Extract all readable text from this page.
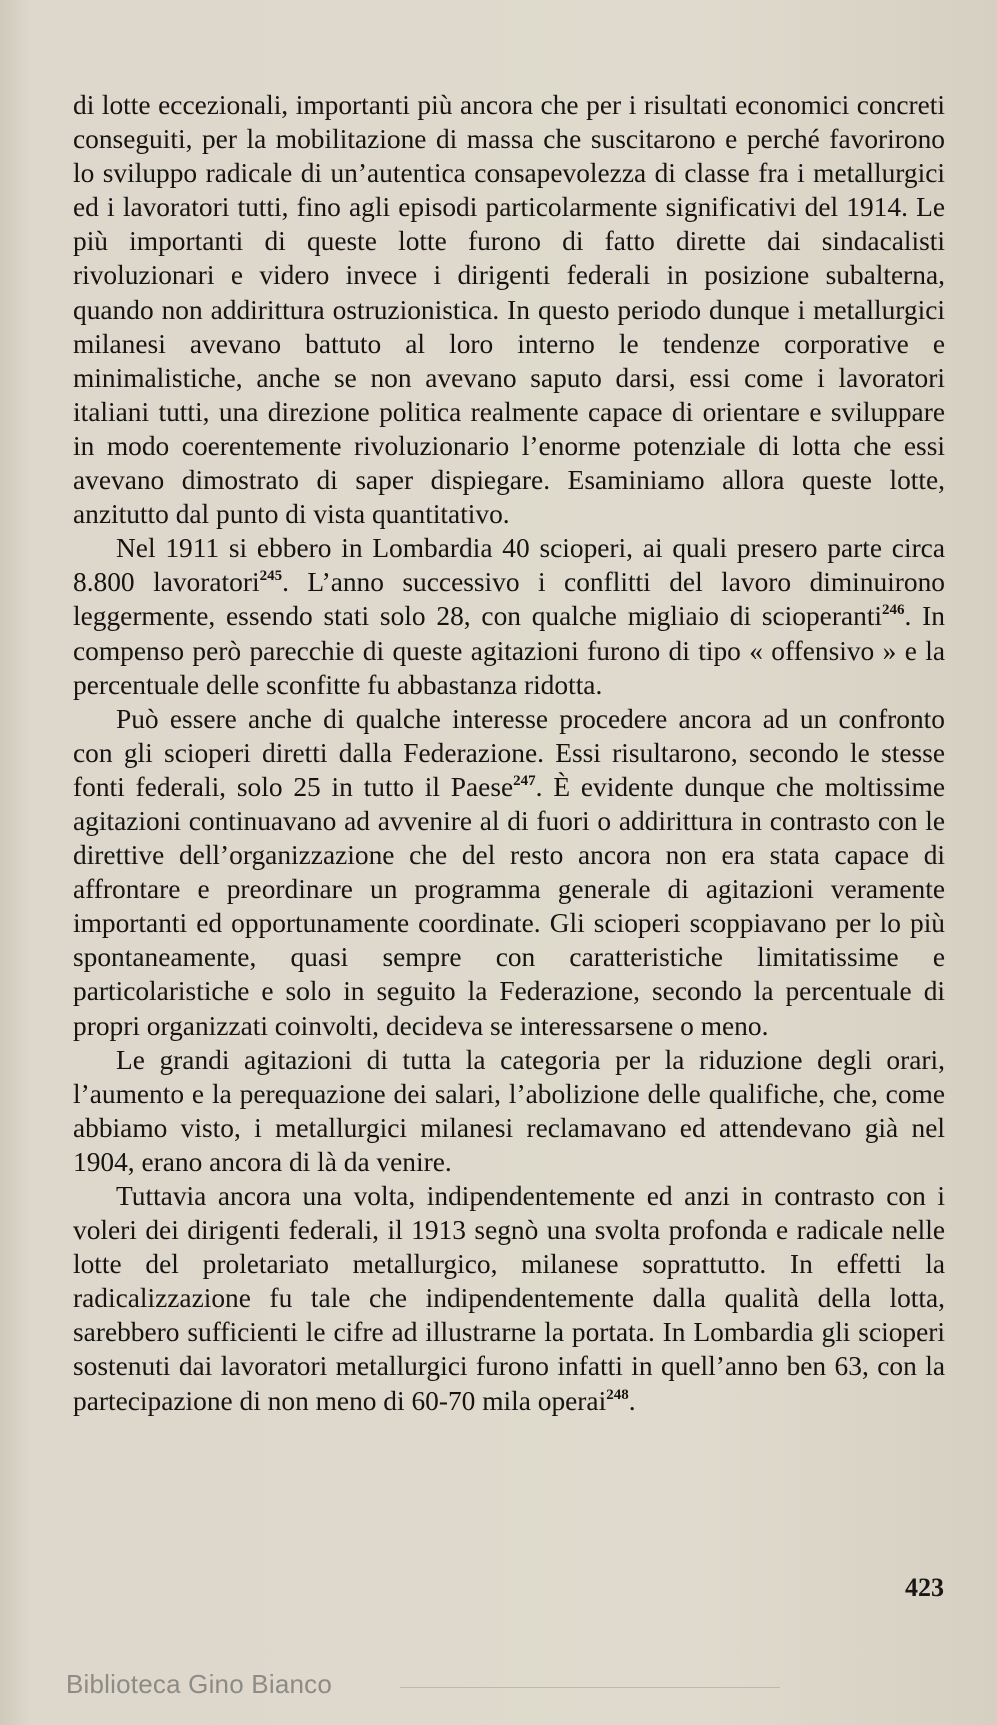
di lotte eccezionali, importanti più ancora che per i risultati economici concreti conseguiti, per la mobilitazione di massa che suscitarono e perché favorirono lo sviluppo radicale di un’autentica consapevolezza di classe fra i metallurgici ed i lavoratori tutti, fino agli episodi particolarmente significativi del 1914. Le più importanti di queste lotte furono di fatto dirette dai sindacalisti rivoluzionari e videro invece i dirigenti federali in posizione subalterna, quando non addirittura ostruzionistica. In questo periodo dunque i metallurgici milanesi avevano battuto al loro interno le tendenze corporative e minimalistiche, anche se non avevano saputo darsi, essi come i lavoratori italiani tutti, una direzione politica realmente capace di orientare e sviluppare in modo coerentemente rivoluzionario l’enorme potenziale di lotta che essi avevano dimostrato di saper dispiegare. Esaminiamo allora queste lotte, anzitutto dal punto di vista quantitativo.

Nel 1911 si ebbero in Lombardia 40 scioperi, ai quali presero parte circa 8.800 lavoratori$^{245}$. L’anno successivo i conflitti del lavoro diminuirono leggermente, essendo stati solo 28, con qualche migliaio di scioperanti$^{246}$. In compenso però parecchie di queste agitazioni furono di tipo « offensivo » e la percentuale delle sconfitte fu abbastanza ridotta.

Può essere anche di qualche interesse procedere ancora ad un confronto con gli scioperi diretti dalla Federazione. Essi risultarono, secondo le stesse fonti federali, solo 25 in tutto il Paese$^{247}$. È evidente dunque che moltissime agitazioni continuavano ad avvenire al di fuori o addirittura in contrasto con le direttive dell’organizzazione che del resto ancora non era stata capace di affrontare e preordinare un programma generale di agitazioni veramente importanti ed opportunamente coordinate. Gli scioperi scoppiavano per lo più spontaneamente, quasi sempre con caratteristiche limitatissime e particolaristiche e solo in seguito la Federazione, secondo la percentuale di propri organizzati coinvolti, decideva se interessarsene o meno.

Le grandi agitazioni di tutta la categoria per la riduzione degli orari, l’aumento e la perequazione dei salari, l’abolizione delle qualifiche, che, come abbiamo visto, i metallurgici milanesi reclamavano ed attendevano già nel 1904, erano ancora di là da venire.

Tuttavia ancora una volta, indipendentemente ed anzi in contrasto con i voleri dei dirigenti federali, il 1913 segnò una svolta profonda e radicale nelle lotte del proletariato metallurgico, milanese soprattutto. In effetti la radicalizzazione fu tale che indipendentemente dalla qualità della lotta, sarebbero sufficienti le cifre ad illustrarne la portata. In Lombardia gli scioperi sostenuti dai lavoratori metallurgici furono infatti in quell’anno ben 63, con la partecipazione di non meno di 60-70 mila operai$^{248}$.

423
Biblioteca Gino Bianco
